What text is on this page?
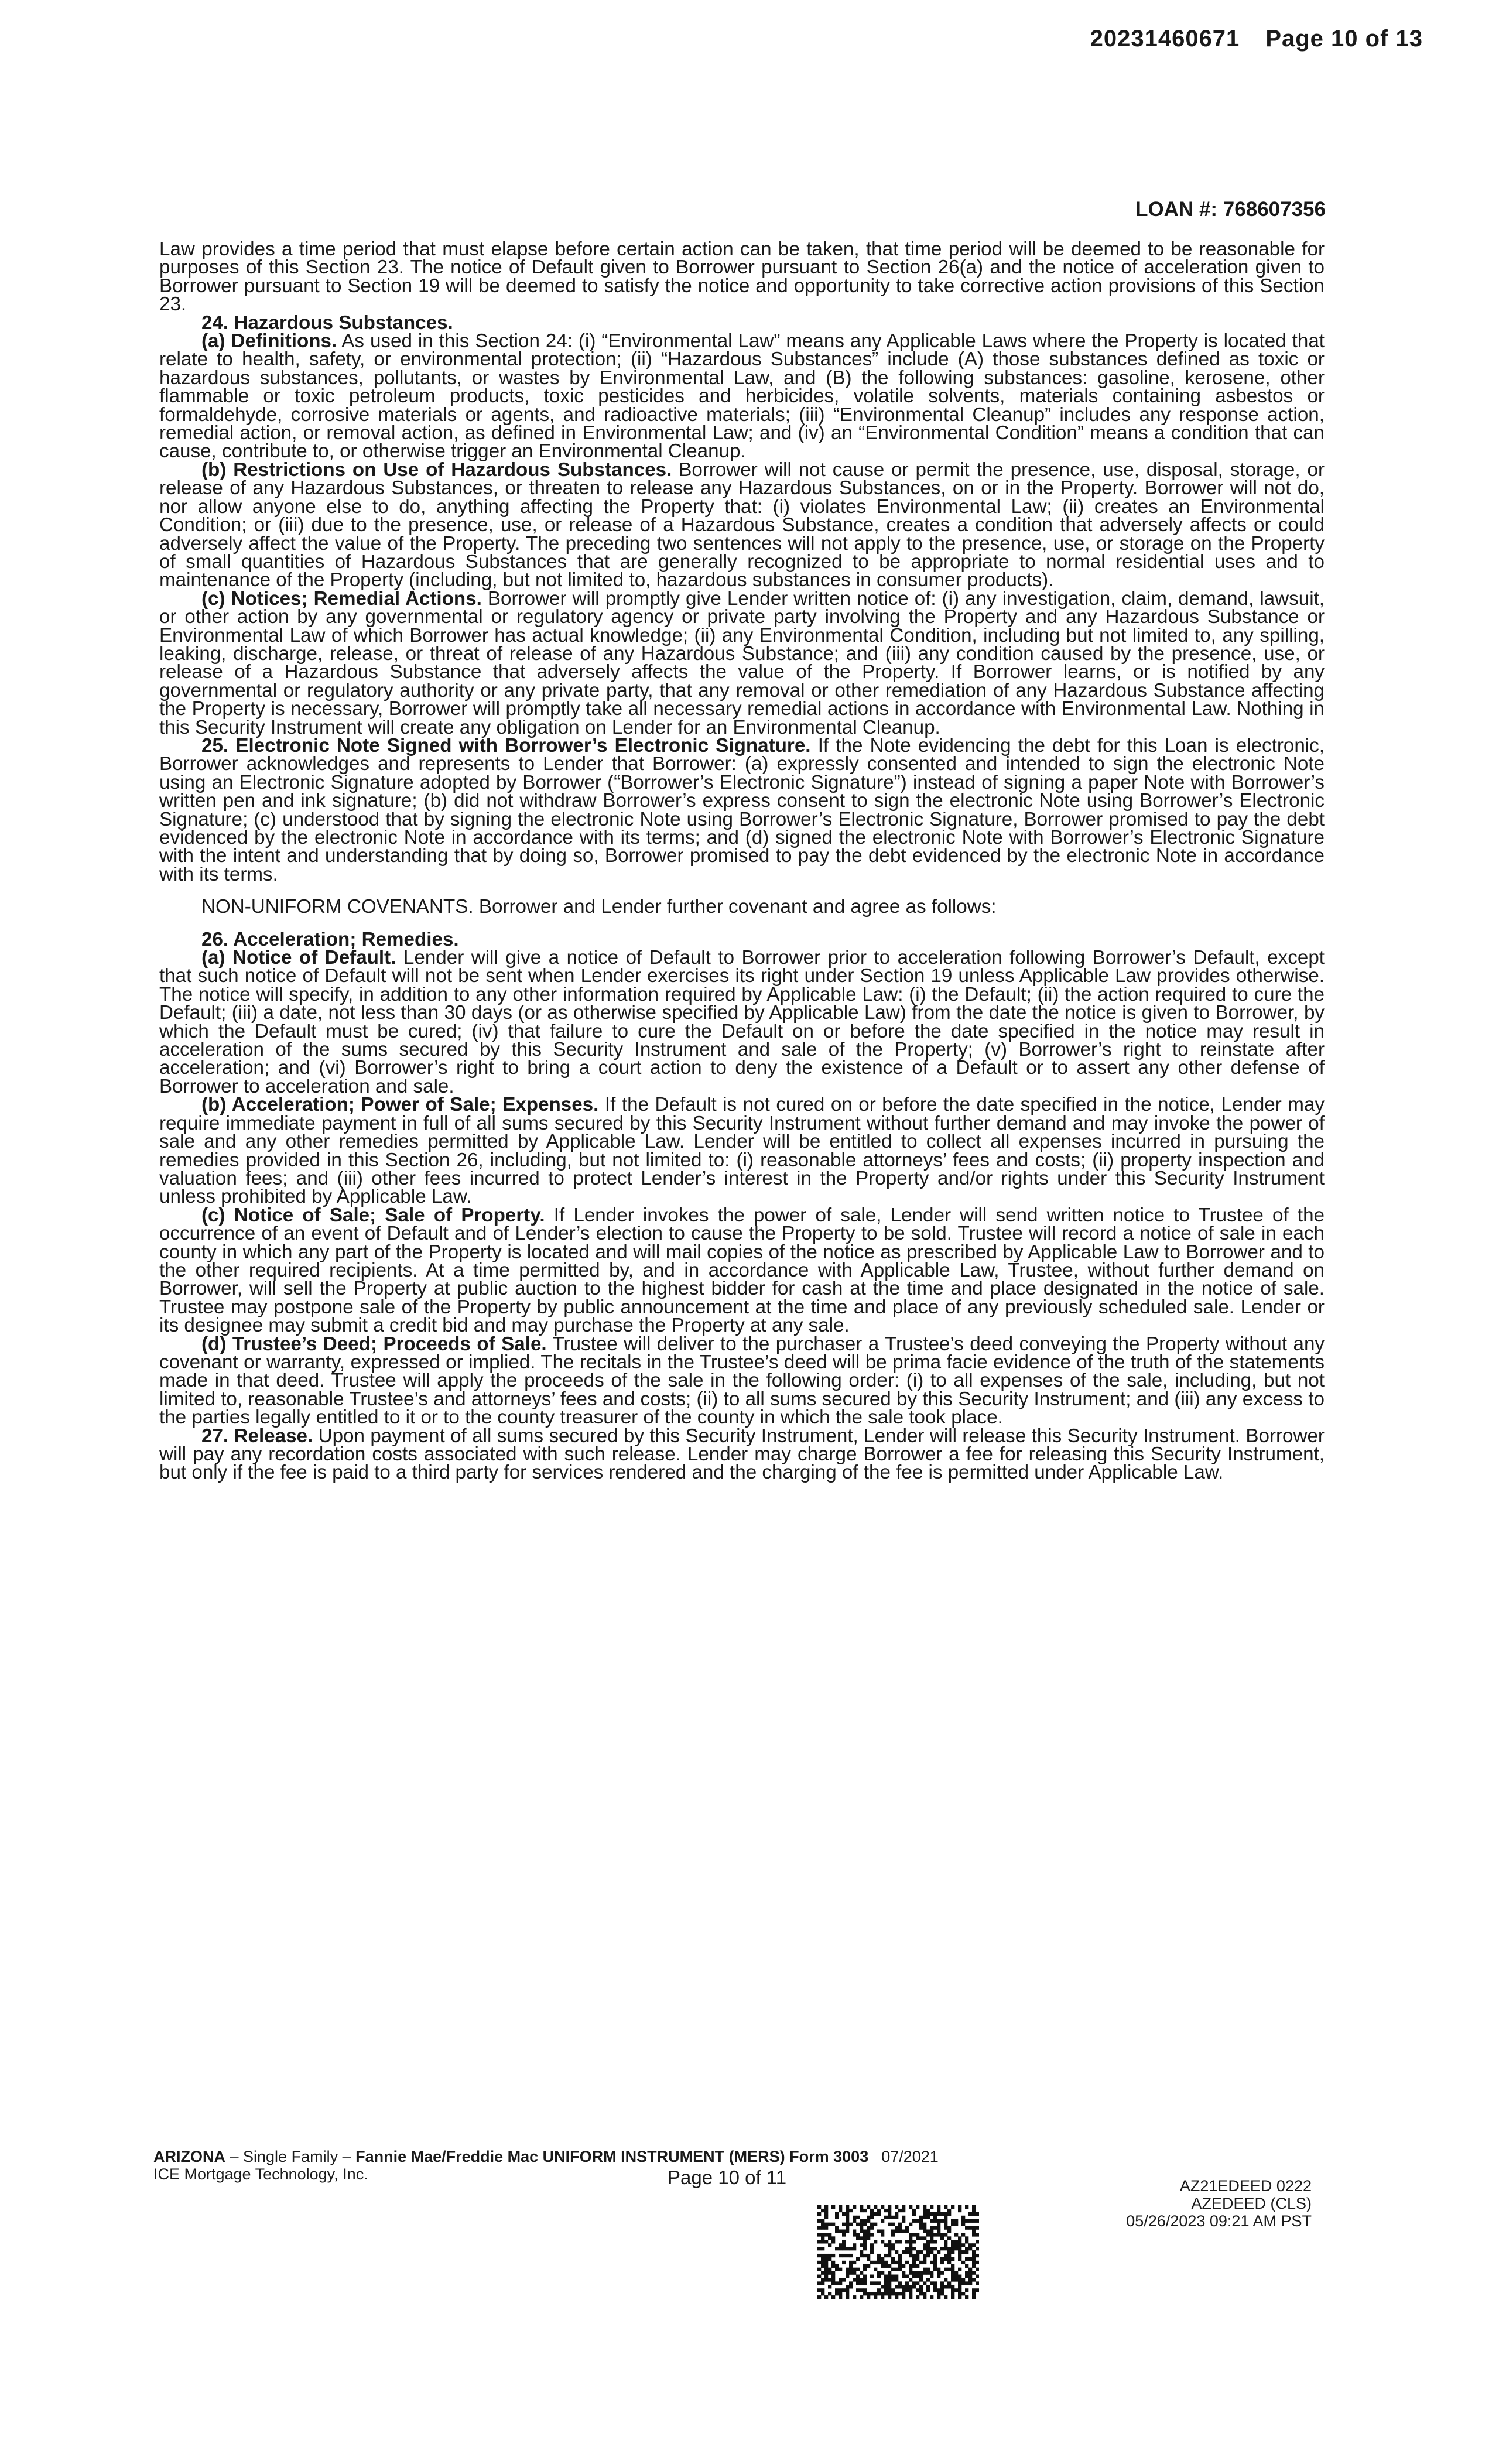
20231460671 Page 10 of 13
LOAN #: 768607356

Law provides a time period that must elapse before certain action can be taken, that time period will be deemed to be reasonable for purposes of this Section 23. The notice of Default given to Borrower pursuant to Section 26(a) and the notice of acceleration given to Borrower pursuant to Section 19 will be deemed to satisfy the notice and opportunity to take corrective action provisions of this Section 23.

24. Hazardous Substances.

(a) Definitions. As used in this Section 24: (i) “Environmental Law” means any Applicable Laws where the Property is located that relate to health, safety, or environmental protection; (ii) “Hazardous Substances” include (A) those substances defined as toxic or hazardous substances, pollutants, or wastes by Environmental Law, and (B) the following substances: gasoline, kerosene, other flammable or toxic petroleum products, toxic pesticides and herbicides, volatile solvents, materials containing asbestos or formaldehyde, corrosive materials or agents, and radioactive materials; (iii) “Environmental Cleanup” includes any response action, remedial action, or removal action, as defined in Environmental Law; and (iv) an “Environmental Condition” means a condition that can cause, contribute to, or otherwise trigger an Environmental Cleanup.

(b) Restrictions on Use of Hazardous Substances. Borrower will not cause or permit the presence, use, disposal, storage, or release of any Hazardous Substances, or threaten to release any Hazardous Substances, on or in the Property. Borrower will not do, nor allow anyone else to do, anything affecting the Property that: (i) violates Environmental Law; (ii) creates an Environmental Condition; or (iii) due to the presence, use, or release of a Hazardous Substance, creates a condition that adversely affects or could adversely affect the value of the Property. The preceding two sentences will not apply to the presence, use, or storage on the Property of small quantities of Hazardous Substances that are generally recognized to be appropriate to normal residential uses and to maintenance of the Property (including, but not limited to, hazardous substances in consumer products).

(c) Notices; Remedial Actions. Borrower will promptly give Lender written notice of: (i) any investigation, claim, demand, lawsuit, or other action by any governmental or regulatory agency or private party involving the Property and any Hazardous Substance or Environmental Law of which Borrower has actual knowledge; (ii) any Environmental Condition, including but not limited to, any spilling, leaking, discharge, release, or threat of release of any Hazardous Substance; and (iii) any condition caused by the presence, use, or release of a Hazardous Substance that adversely affects the value of the Property. If Borrower learns, or is notified by any governmental or regulatory authority or any private party, that any removal or other remediation of any Hazardous Substance affecting the Property is necessary, Borrower will promptly take all necessary remedial actions in accordance with Environmental Law. Nothing in this Security Instrument will create any obligation on Lender for an Environmental Cleanup.

25. Electronic Note Signed with Borrower’s Electronic Signature. If the Note evidencing the debt for this Loan is electronic, Borrower acknowledges and represents to Lender that Borrower: (a) expressly consented and intended to sign the electronic Note using an Electronic Signature adopted by Borrower (“Borrower’s Electronic Signature”) instead of signing a paper Note with Borrower’s written pen and ink signature; (b) did not withdraw Borrower’s express consent to sign the electronic Note using Borrower’s Electronic Signature; (c) understood that by signing the electronic Note using Borrower’s Electronic Signature, Borrower promised to pay the debt evidenced by the electronic Note in accordance with its terms; and (d) signed the electronic Note with Borrower’s Electronic Signature with the intent and understanding that by doing so, Borrower promised to pay the debt evidenced by the electronic Note in accordance with its terms.

NON-UNIFORM COVENANTS. Borrower and Lender further covenant and agree as follows:

26. Acceleration; Remedies.

(a) Notice of Default. Lender will give a notice of Default to Borrower prior to acceleration following Borrower’s Default, except that such notice of Default will not be sent when Lender exercises its right under Section 19 unless Applicable Law provides otherwise. The notice will specify, in addition to any other information required by Applicable Law: (i) the Default; (ii) the action required to cure the Default; (iii) a date, not less than 30 days (or as otherwise specified by Applicable Law) from the date the notice is given to Borrower, by which the Default must be cured; (iv) that failure to cure the Default on or before the date specified in the notice may result in acceleration of the sums secured by this Security Instrument and sale of the Property; (v) Borrower’s right to reinstate after acceleration; and (vi) Borrower’s right to bring a court action to deny the existence of a Default or to assert any other defense of Borrower to acceleration and sale.

(b) Acceleration; Power of Sale; Expenses. If the Default is not cured on or before the date specified in the notice, Lender may require immediate payment in full of all sums secured by this Security Instrument without further demand and may invoke the power of sale and any other remedies permitted by Applicable Law. Lender will be entitled to collect all expenses incurred in pursuing the remedies provided in this Section 26, including, but not limited to: (i) reasonable attorneys’ fees and costs; (ii) property inspection and valuation fees; and (iii) other fees incurred to protect Lender’s interest in the Property and/or rights under this Security Instrument unless prohibited by Applicable Law.

(c) Notice of Sale; Sale of Property. If Lender invokes the power of sale, Lender will send written notice to Trustee of the occurrence of an event of Default and of Lender’s election to cause the Property to be sold. Trustee will record a notice of sale in each county in which any part of the Property is located and will mail copies of the notice as prescribed by Applicable Law to Borrower and to the other required recipients. At a time permitted by, and in accordance with Applicable Law, Trustee, without further demand on Borrower, will sell the Property at public auction to the highest bidder for cash at the time and place designated in the notice of sale. Trustee may postpone sale of the Property by public announcement at the time and place of any previously scheduled sale. Lender or its designee may submit a credit bid and may purchase the Property at any sale.

(d) Trustee’s Deed; Proceeds of Sale. Trustee will deliver to the purchaser a Trustee’s deed conveying the Property without any covenant or warranty, expressed or implied. The recitals in the Trustee’s deed will be prima facie evidence of the truth of the statements made in that deed. Trustee will apply the proceeds of the sale in the following order: (i) to all expenses of the sale, including, but not limited to, reasonable Trustee’s and attorneys’ fees and costs; (ii) to all sums secured by this Security Instrument; and (iii) any excess to the parties legally entitled to it or to the county treasurer of the county in which the sale took place.

27. Release. Upon payment of all sums secured by this Security Instrument, Lender will release this Security Instrument. Borrower will pay any recordation costs associated with such release. Lender may charge Borrower a fee for releasing this Security Instrument, but only if the fee is paid to a third party for services rendered and the charging of the fee is permitted under Applicable Law.

ARIZONA – Single Family – Fannie Mae/Freddie Mac UNIFORM INSTRUMENT (MERS) Form 3003 07/2021
ICE Mortgage Technology, Inc.	Page 10 of 11	AZ21EDEED 0222
AZEDEED (CLS)
05/26/2023 09:21 AM PST
